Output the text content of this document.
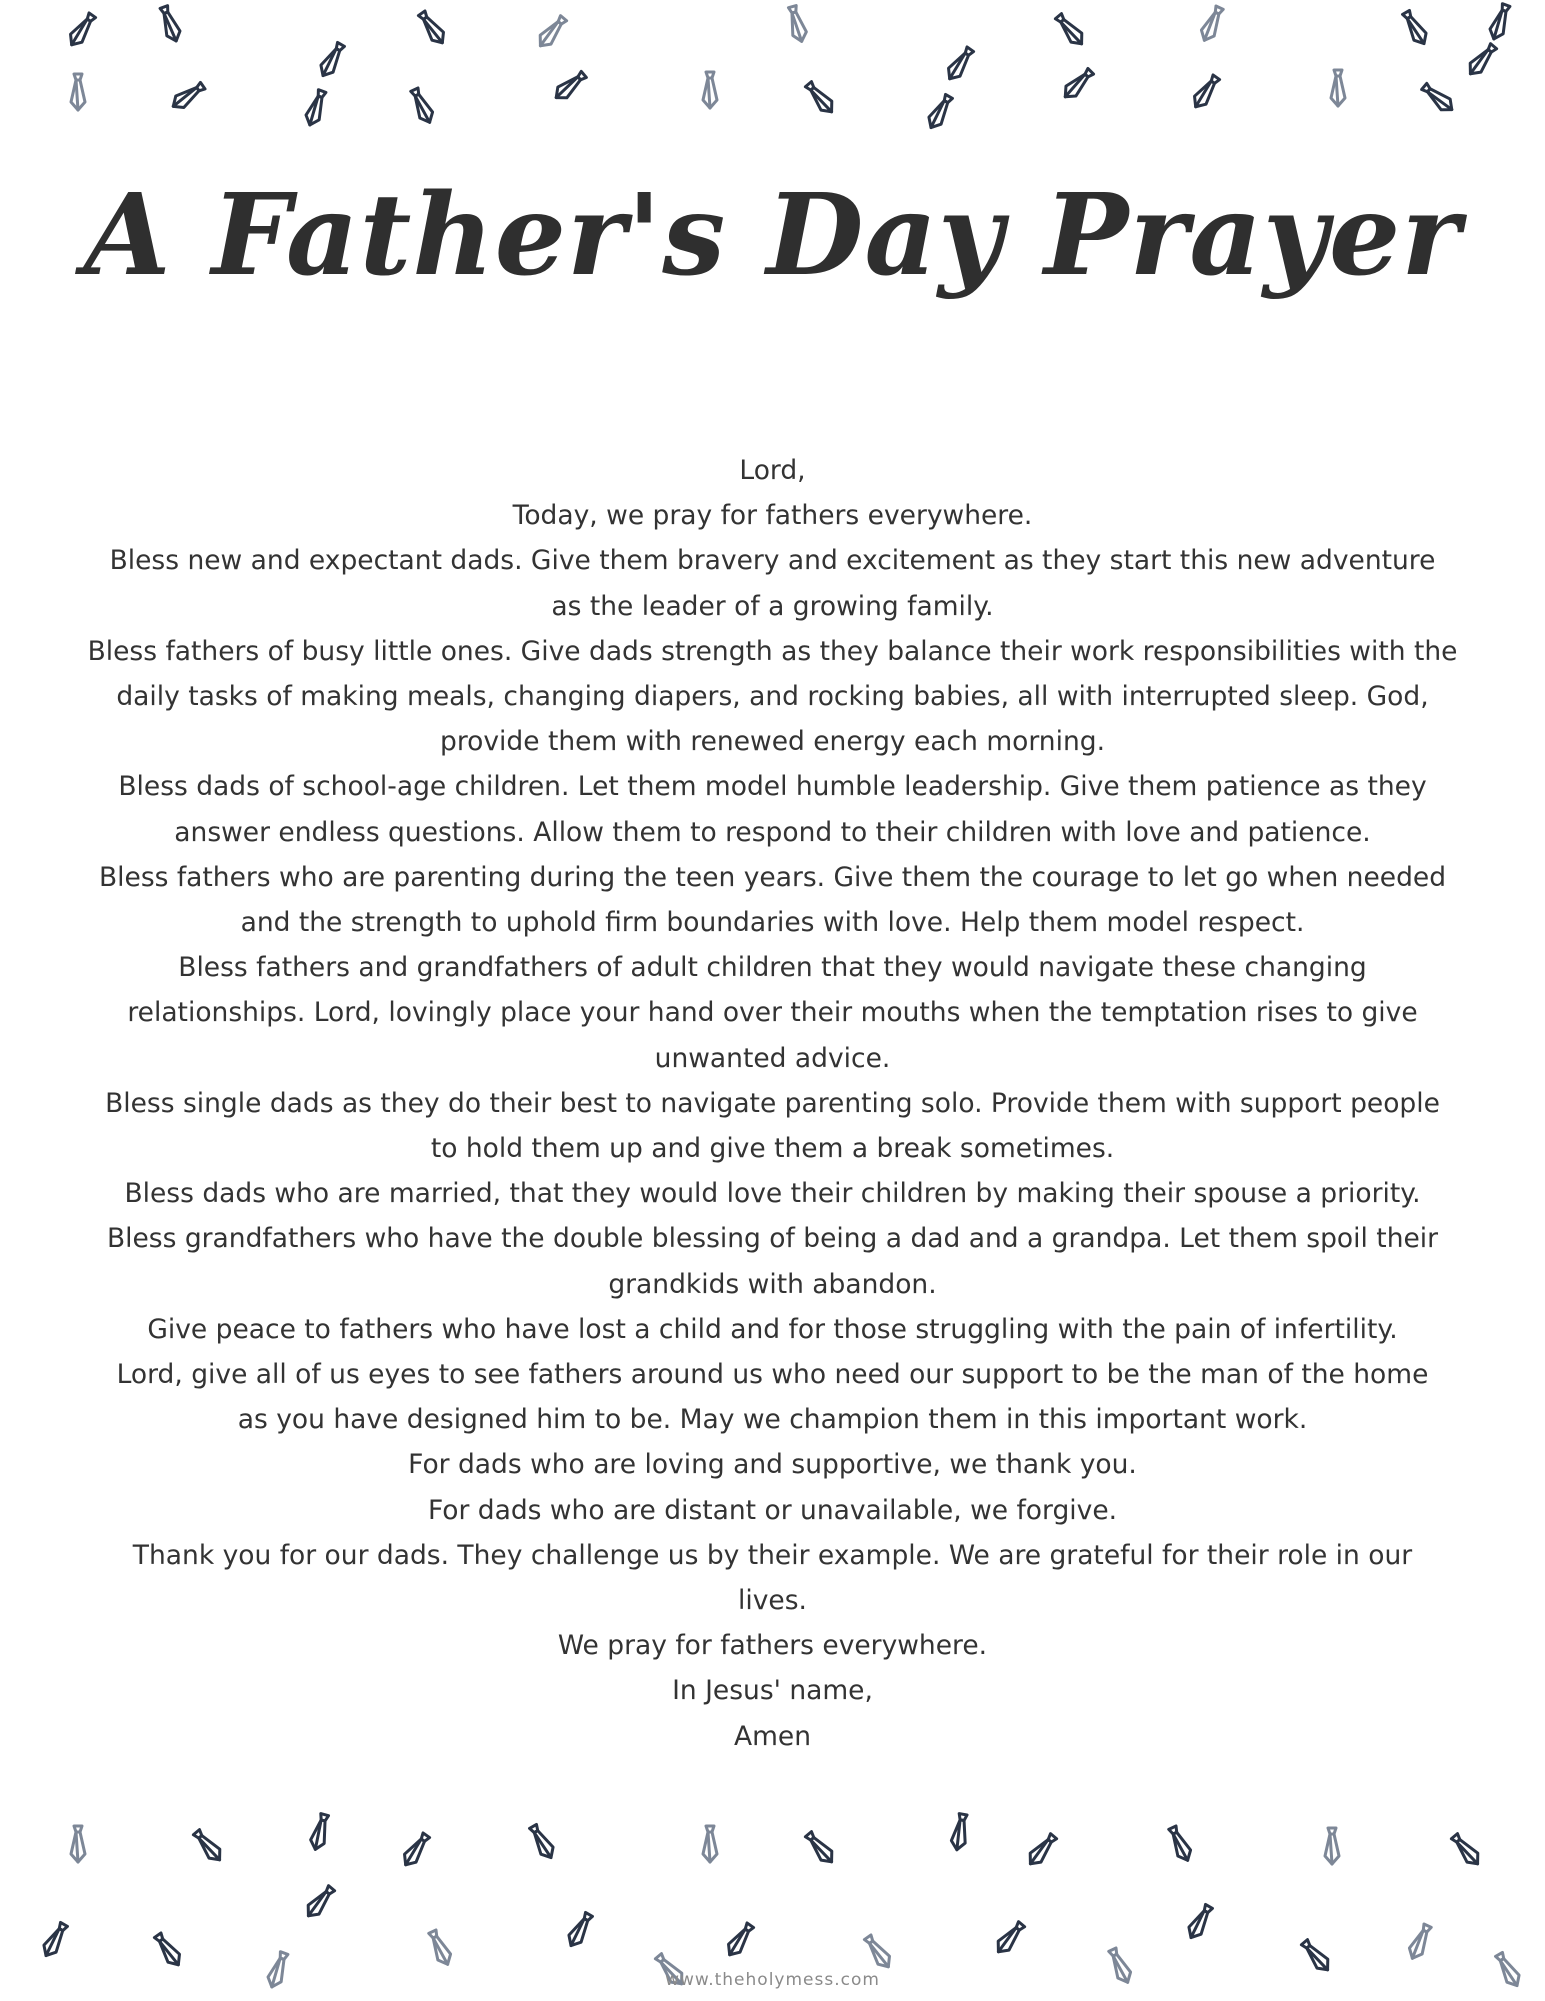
A Father's Day Prayer
Lord,
Today, we pray for fathers everywhere.
Bless new and expectant dads. Give them bravery and excitement as they start this new adventure
as the leader of a growing family.
Bless fathers of busy little ones. Give dads strength as they balance their work responsibilities with the
daily tasks of making meals, changing diapers, and rocking babies, all with interrupted sleep. God,
provide them with renewed energy each morning.
Bless dads of school-age children. Let them model humble leadership. Give them patience as they
answer endless questions. Allow them to respond to their children with love and patience.
Bless fathers who are parenting during the teen years. Give them the courage to let go when needed
and the strength to uphold firm boundaries with love. Help them model respect.
Bless fathers and grandfathers of adult children that they would navigate these changing
relationships. Lord, lovingly place your hand over their mouths when the temptation rises to give
unwanted advice.
Bless single dads as they do their best to navigate parenting solo. Provide them with support people
to hold them up and give them a break sometimes.
Bless dads who are married, that they would love their children by making their spouse a priority.
Bless grandfathers who have the double blessing of being a dad and a grandpa. Let them spoil their
grandkids with abandon.
Give peace to fathers who have lost a child and for those struggling with the pain of infertility.
Lord, give all of us eyes to see fathers around us who need our support to be the man of the home
as you have designed him to be. May we champion them in this important work.
For dads who are loving and supportive, we thank you.
For dads who are distant or unavailable, we forgive.
Thank you for our dads. They challenge us by their example. We are grateful for their role in our
lives.
We pray for fathers everywhere.
In Jesus' name,
Amen
www.theholymess.com
